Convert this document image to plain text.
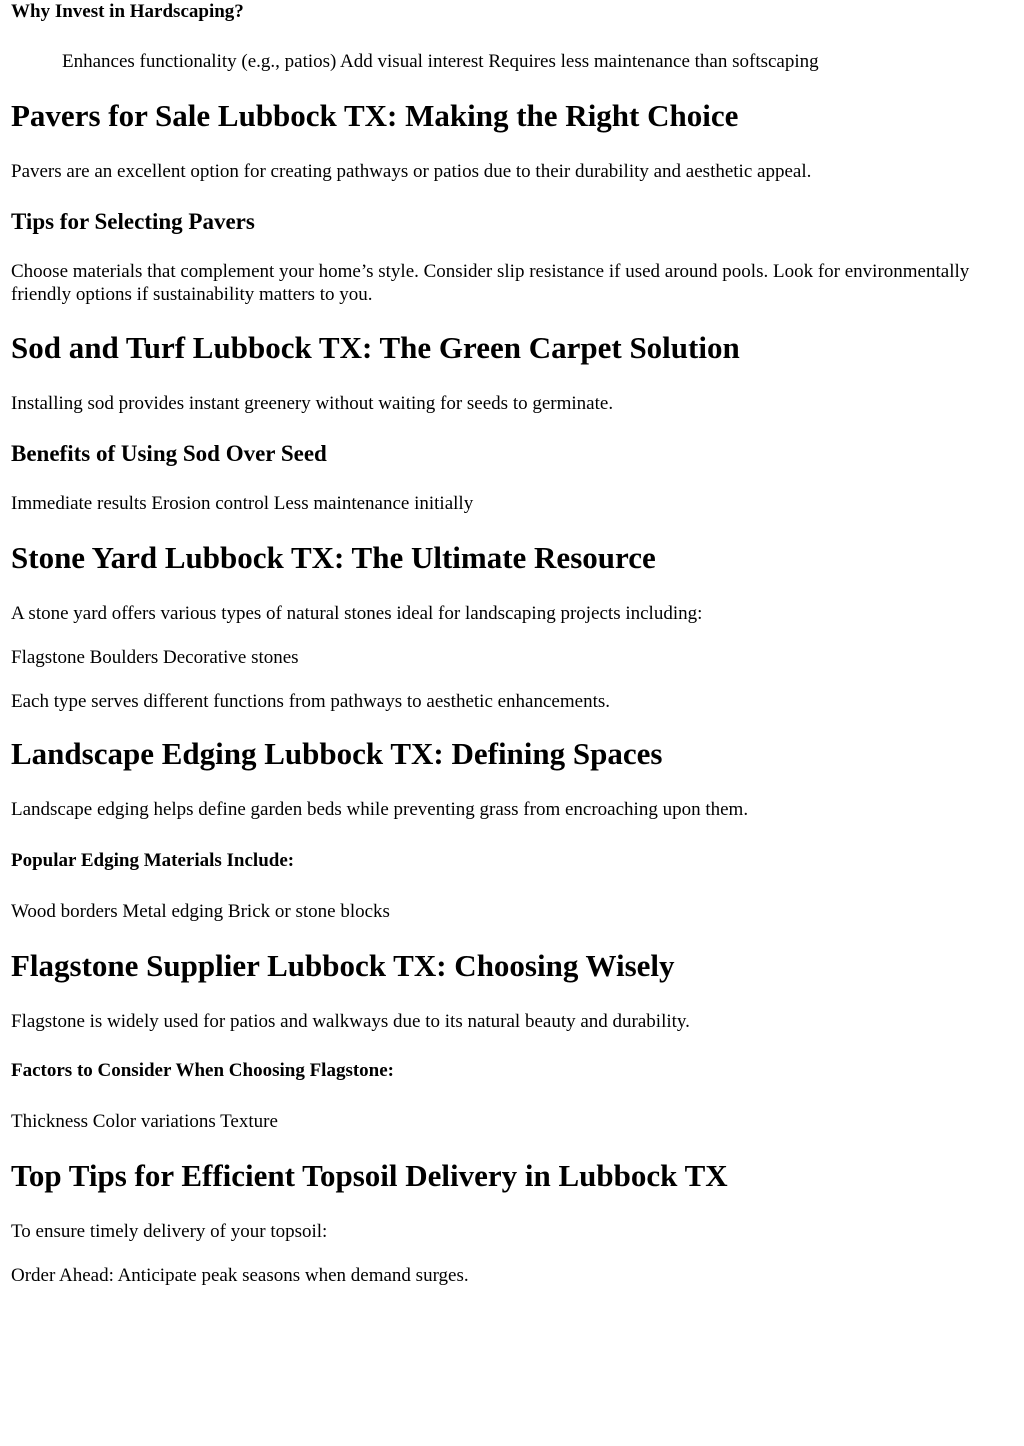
Why Invest in Hardscaping?

Enhances functionality (e.g., patios) Add visual interest Requires less maintenance than softscaping

Pavers for Sale Lubbock TX: Making the Right Choice

Pavers are an excellent option for creating pathways or patios due to their durability and aesthetic appeal.

Tips for Selecting Pavers

Choose materials that complement your home’s style. Consider slip resistance if used around pools. Look for environmentally friendly options if sustainability matters to you.

Sod and Turf Lubbock TX: The Green Carpet Solution

Installing sod provides instant greenery without waiting for seeds to germinate.

Benefits of Using Sod Over Seed

Immediate results Erosion control Less maintenance initially

Stone Yard Lubbock TX: The Ultimate Resource

A stone yard offers various types of natural stones ideal for landscaping projects including:

Flagstone Boulders Decorative stones

Each type serves different functions from pathways to aesthetic enhancements.

Landscape Edging Lubbock TX: Defining Spaces

Landscape edging helps define garden beds while preventing grass from encroaching upon them.

Popular Edging Materials Include:

Wood borders Metal edging Brick or stone blocks

Flagstone Supplier Lubbock TX: Choosing Wisely

Flagstone is widely used for patios and walkways due to its natural beauty and durability.

Factors to Consider When Choosing Flagstone:

Thickness Color variations Texture

Top Tips for Efficient Topsoil Delivery in Lubbock TX

To ensure timely delivery of your topsoil:

Order Ahead: Anticipate peak seasons when demand surges.
